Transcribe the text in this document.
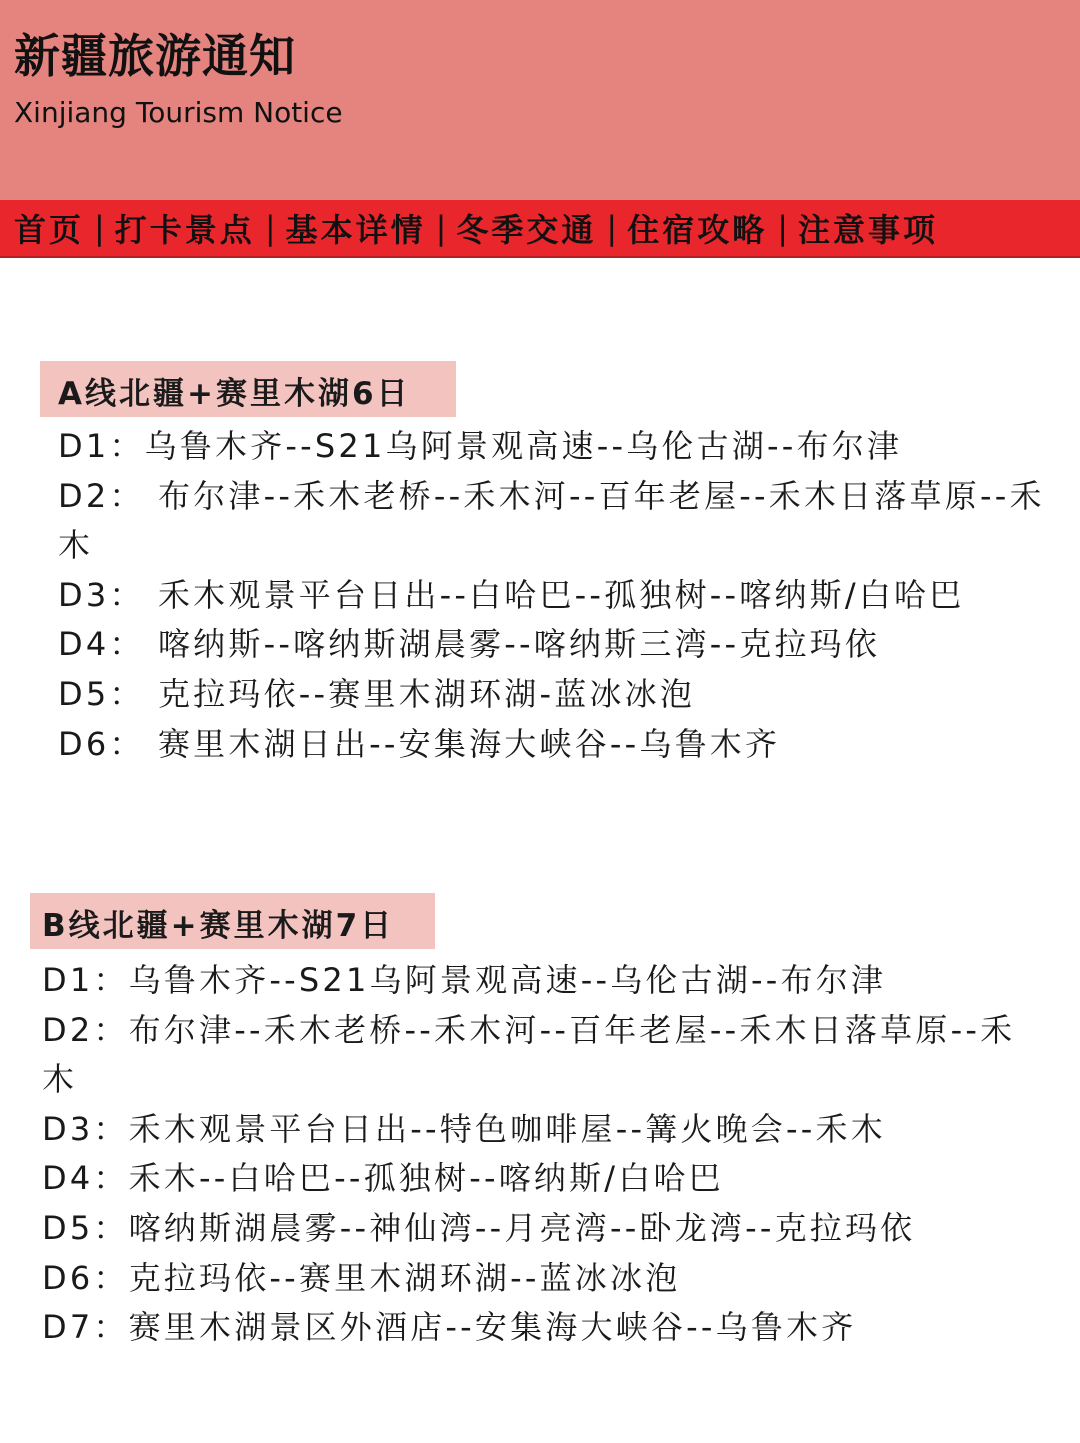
新疆旅游通知
Xinjiang Tourism Notice
首页 | 打卡景点 | 基本详情 | 冬季交通 | 住宿攻略 | 注意事项
A线北疆+赛里木湖6日
D1：乌鲁木齐--S21乌阿景观高速--乌伦古湖--布尔津
D2： 布尔津--禾木老桥--禾木河--百年老屋--禾木日落草原--禾木
D3： 禾木观景平台日出--白哈巴--孤独树--喀纳斯/白哈巴
D4： 喀纳斯--喀纳斯湖晨雾--喀纳斯三湾--克拉玛依
D5： 克拉玛依--赛里木湖环湖-蓝冰冰泡
D6： 赛里木湖日出--安集海大峡谷--乌鲁木齐
B线北疆+赛里木湖7日
D1：乌鲁木齐--S21乌阿景观高速--乌伦古湖--布尔津
D2：布尔津--禾木老桥--禾木河--百年老屋--禾木日落草原--禾木
D3：禾木观景平台日出--特色咖啡屋--篝火晚会--禾木
D4：禾木--白哈巴--孤独树--喀纳斯/白哈巴
D5：喀纳斯湖晨雾--神仙湾--月亮湾--卧龙湾--克拉玛依
D6：克拉玛依--赛里木湖环湖--蓝冰冰泡
D7：赛里木湖景区外酒店--安集海大峡谷--乌鲁木齐
